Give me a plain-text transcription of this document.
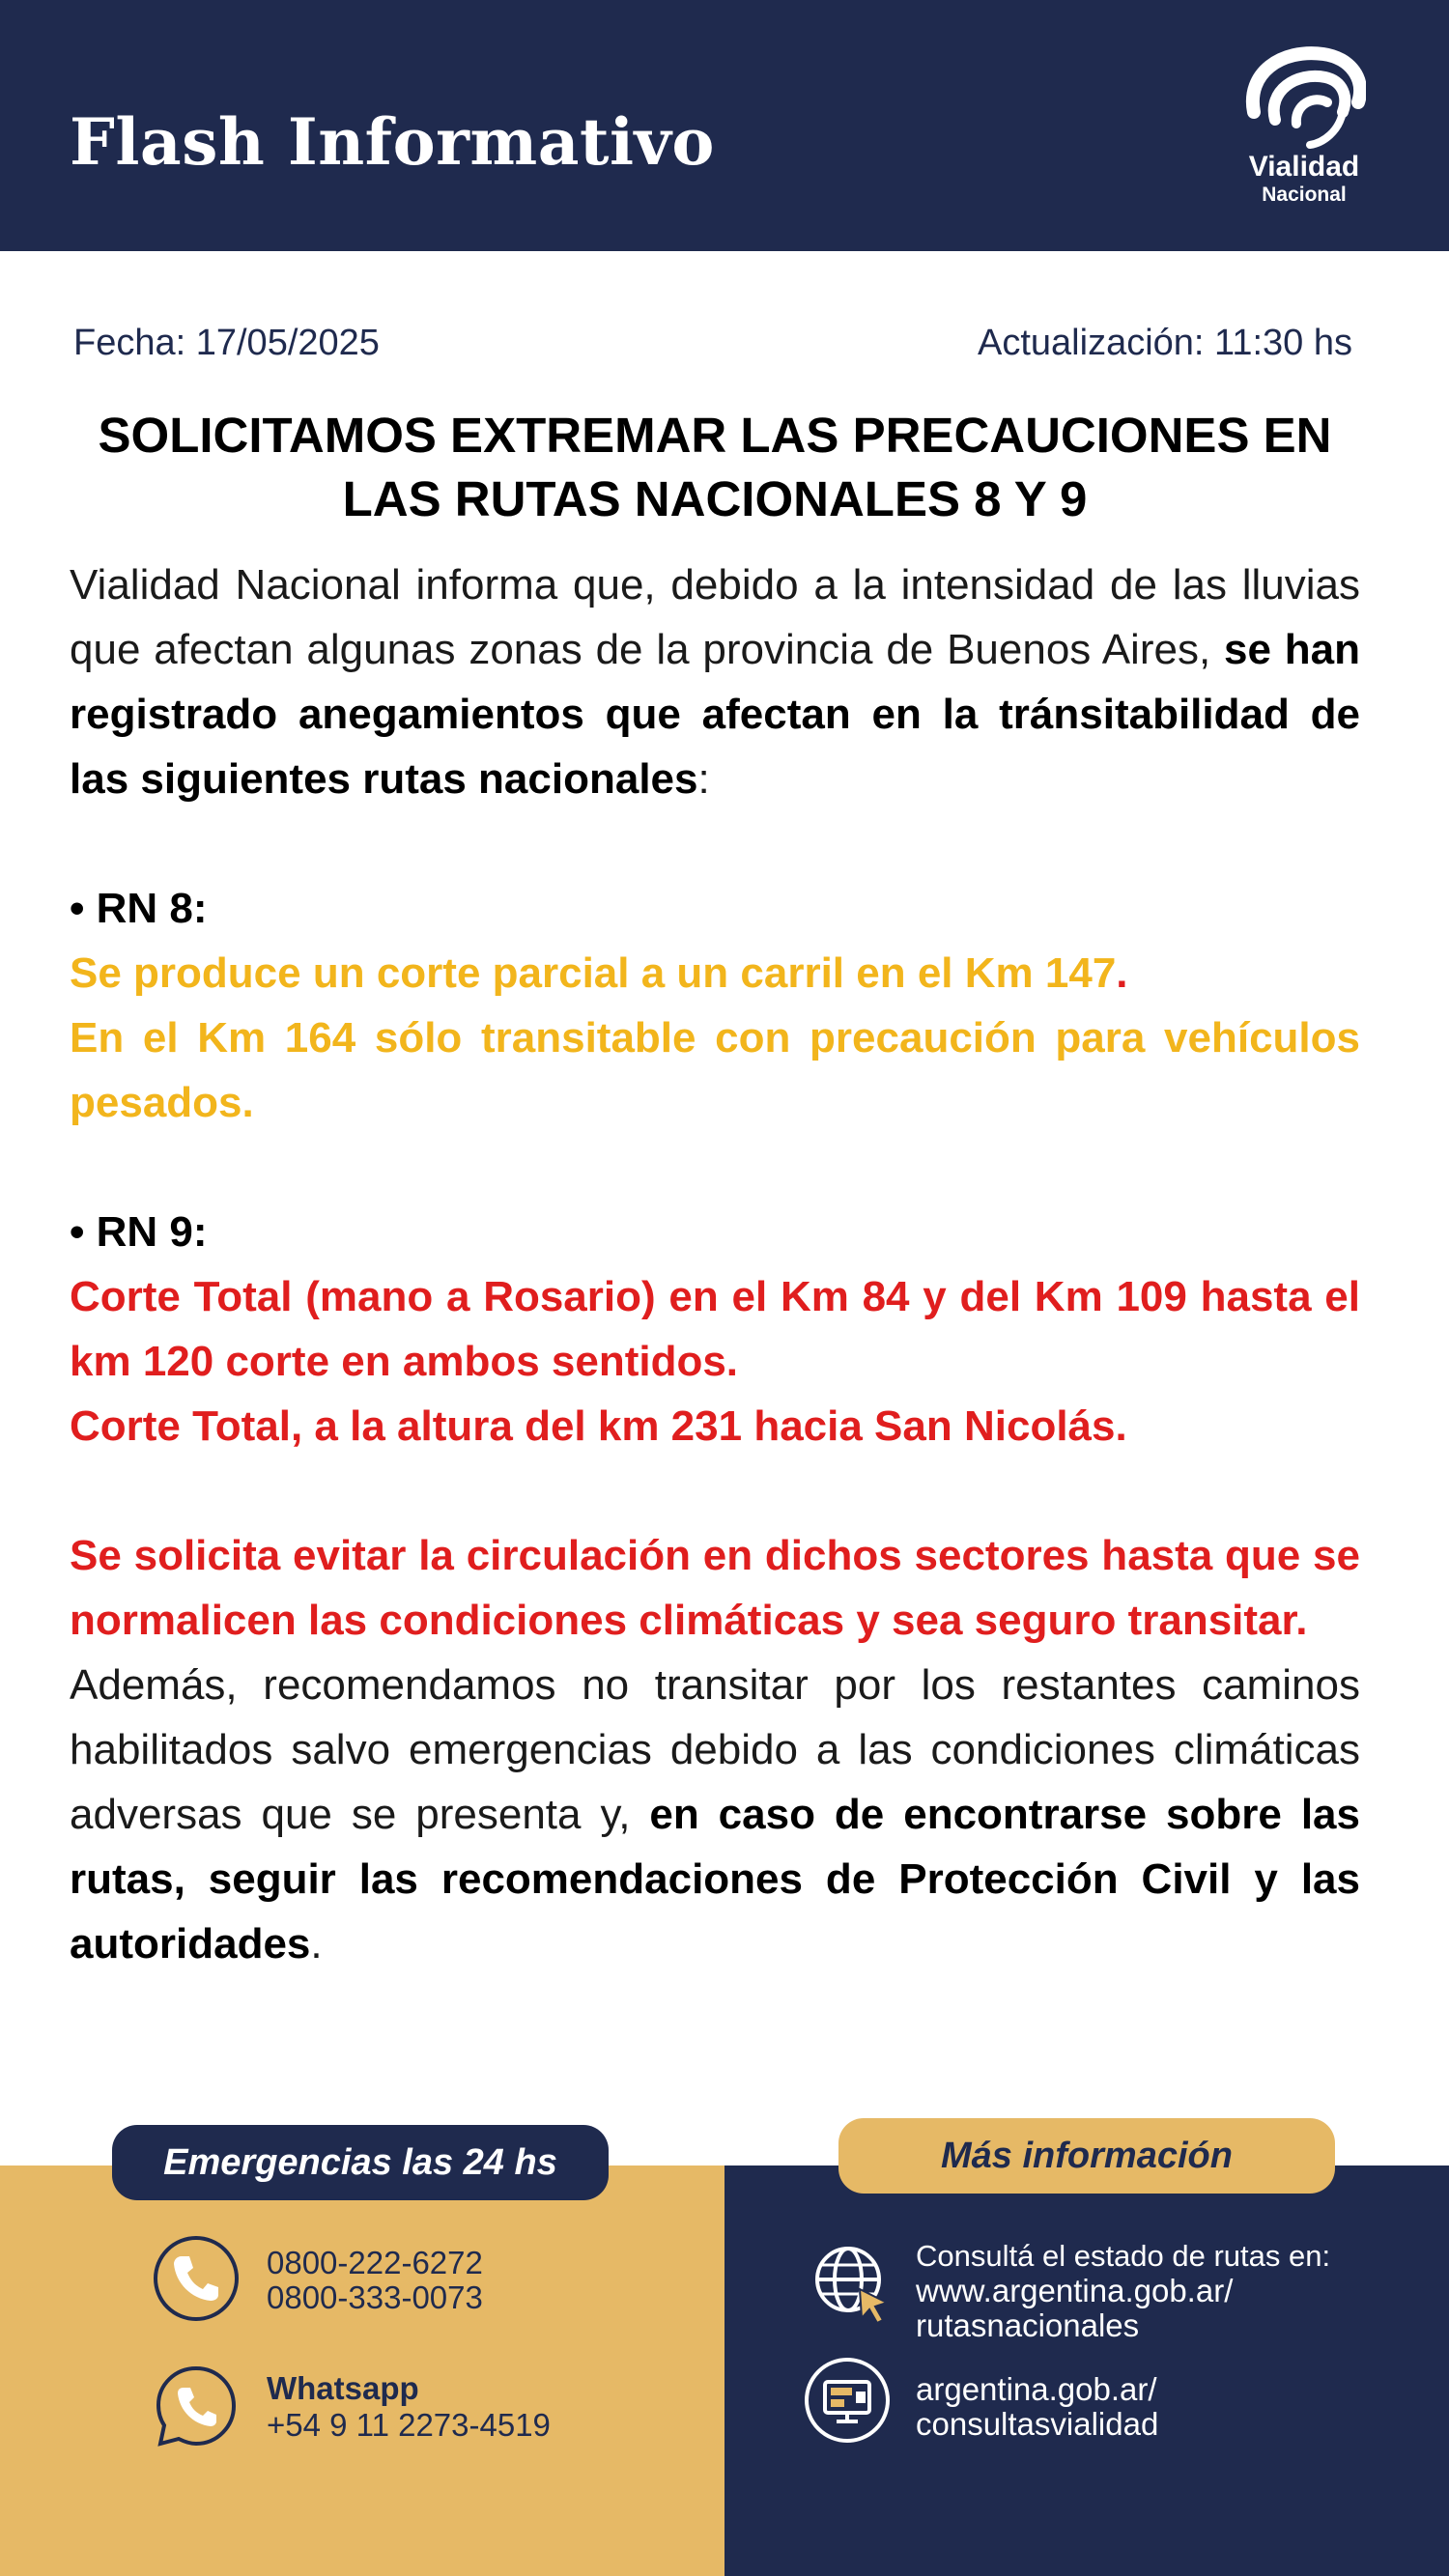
Flash Informativo	Vialidad
Nacional
Fecha: 17/05/2025	Actualización: 11:30 hs
SOLICITAMOS EXTREMAR LAS PRECAUCIONES EN
LAS RUTAS NACIONALES 8 Y 9

Vialidad Nacional informa que, debido a la intensidad de las lluvias que afectan algunas zonas de la provincia de Buenos Aires, se han registrado anegamientos que afectan en la tránsitabilidad de las siguientes rutas nacionales:

• RN 8:

Se produce un corte parcial a un carril en el Km 147.

En el Km 164 sólo transitable con precaución para vehículos pesados.

• RN 9:

Corte Total (mano a Rosario) en el Km 84 y del Km 109 hasta el km 120 corte en ambos sentidos.

Corte Total, a la altura del km 231 hacia San Nicolás.

Se solicita evitar la circulación en dichos sectores hasta que se normalicen las condiciones climáticas y sea seguro transitar.

Además, recomendamos no transitar por los restantes caminos habilitados salvo emergencias debido a las condiciones climáticas adversas que se presenta y, en caso de encontrarse sobre las rutas, seguir las recomendaciones de Protección Civil y las autoridades.

Emergencias las 24 hs	Más información
0800-222-6272
0800-333-0073
Whatsapp
+54 9 11 2273-4519
Consultá el estado de rutas en:
www.argentina.gob.ar/
rutasnacionales
argentina.gob.ar/
consultasvialidad
